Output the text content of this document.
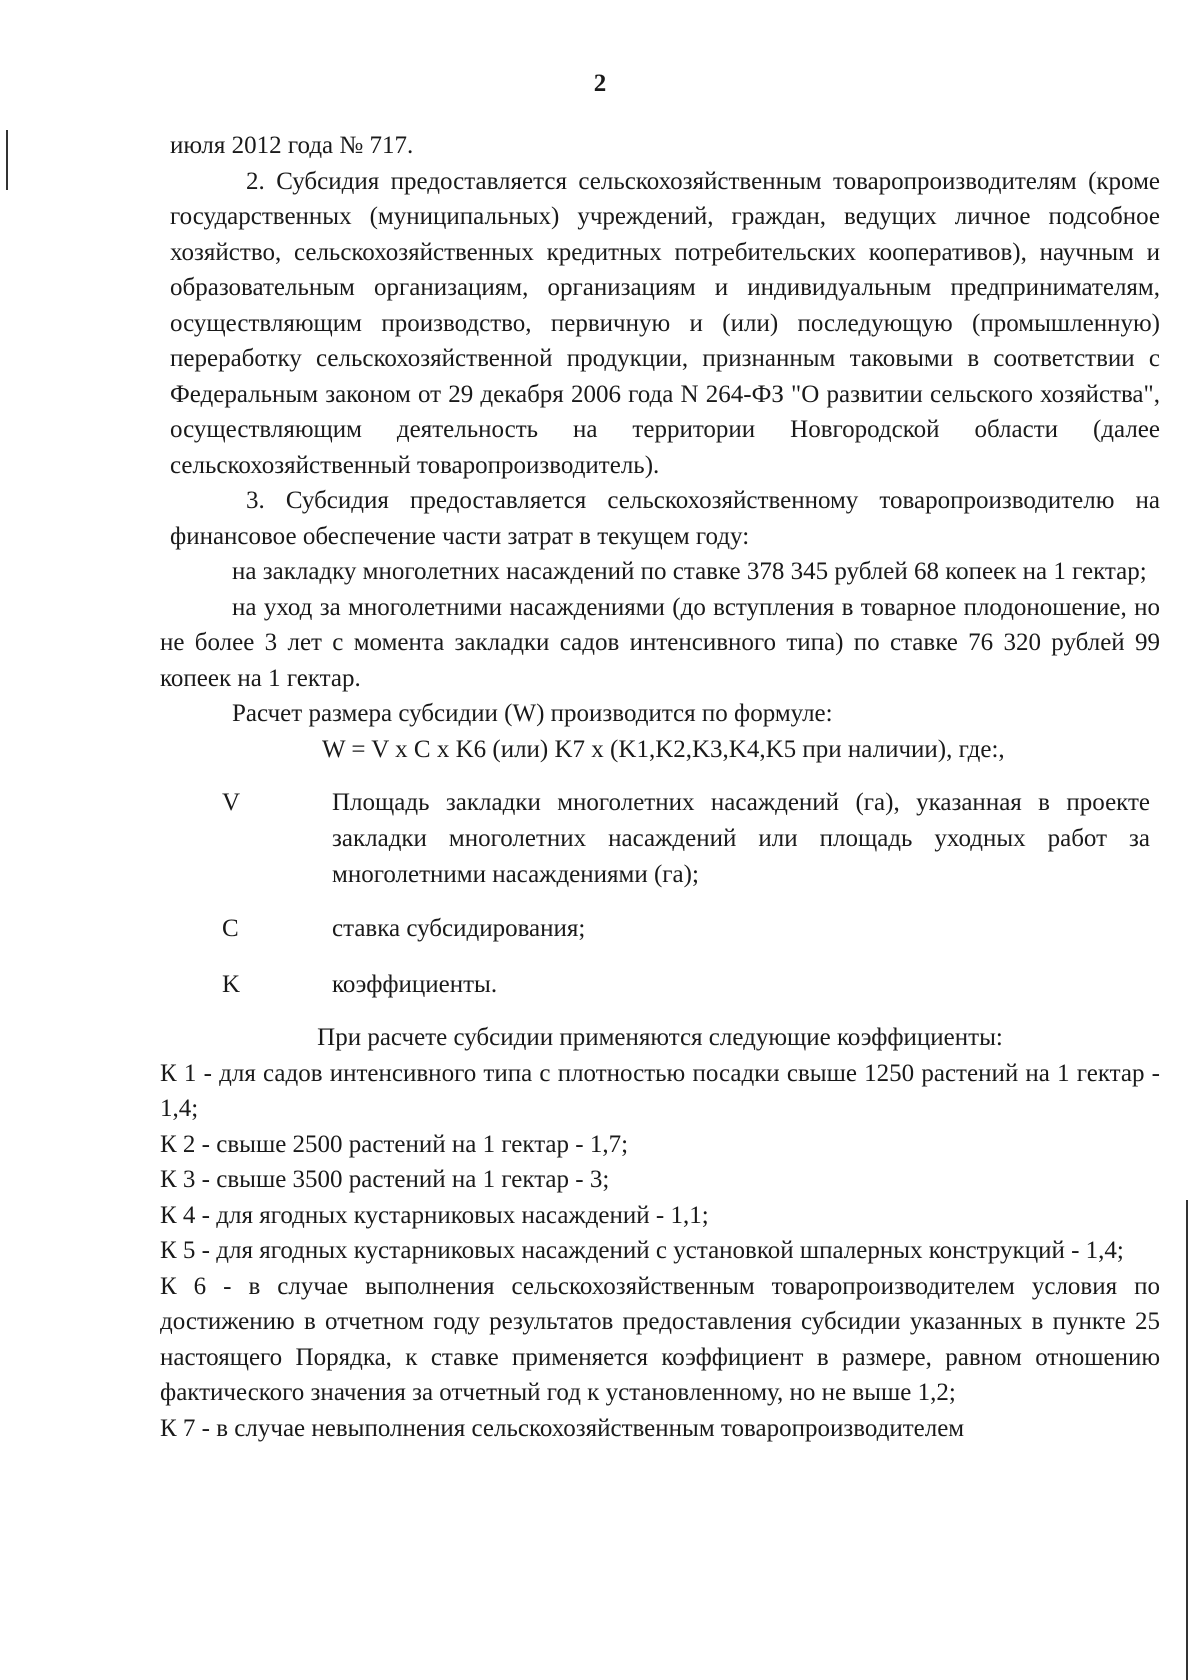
2

июля 2012 года № 717.

2. Субсидия предоставляется сельскохозяйственным товаропроизводителям (кроме государственных (муниципальных) учреждений, граждан, ведущих личное подсобное хозяйство, сельскохозяйственных кредитных потребительских кооперативов), научным и образовательным организациям, организациям и индивидуальным предпринимателям, осуществляющим производство, первичную и (или) последующую (промышленную) переработку сельскохозяйственной продукции, признанным таковыми в соответствии с Федеральным законом от 29 декабря 2006 года N 264-ФЗ "О развитии сельского хозяйства", осуществляющим деятельность на территории Новгородской области (далее сельскохозяйственный товаропроизводитель).

3. Субсидия предоставляется сельскохозяйственному товаропроизводителю на финансовое обеспечение части затрат в текущем году:

на закладку многолетних насаждений по ставке 378 345 рублей 68 копеек на 1 гектар;

на уход за многолетними насаждениями (до вступления в товарное плодоношение, но не более 3 лет с момента закладки садов интенсивного типа) по ставке 76 320 рублей 99 копеек на 1 гектар.

Расчет размера субсидии (W) производится по формуле:

W = V x C x K6 (или) K7 x (K1,K2,K3,K4,K5 при наличии), где:,

V	Площадь закладки многолетних насаждений (га), указанная в проекте закладки многолетних насаждений или площадь уходных работ за многолетними насаждениями (га);
C	ставка субсидирования;
K	коэффициенты.

При расчете субсидии применяются следующие коэффициенты:

К 1 - для садов интенсивного типа с плотностью посадки свыше 1250 растений на 1 гектар - 1,4;

К 2 - свыше 2500 растений на 1 гектар - 1,7;

К 3 - свыше 3500 растений на 1 гектар - 3;

К 4 - для ягодных кустарниковых насаждений - 1,1;

К 5 - для ягодных кустарниковых насаждений с установкой шпалерных конструкций - 1,4;

К 6 - в случае выполнения сельскохозяйственным товаропроизводителем условия по достижению в отчетном году результатов предоставления субсидии указанных в пункте 25 настоящего Порядка, к ставке применяется коэффициент в размере, равном отношению фактического значения за отчетный год к установленному, но не выше 1,2;

К 7 - в случае невыполнения сельскохозяйственным товаропроизводителем
